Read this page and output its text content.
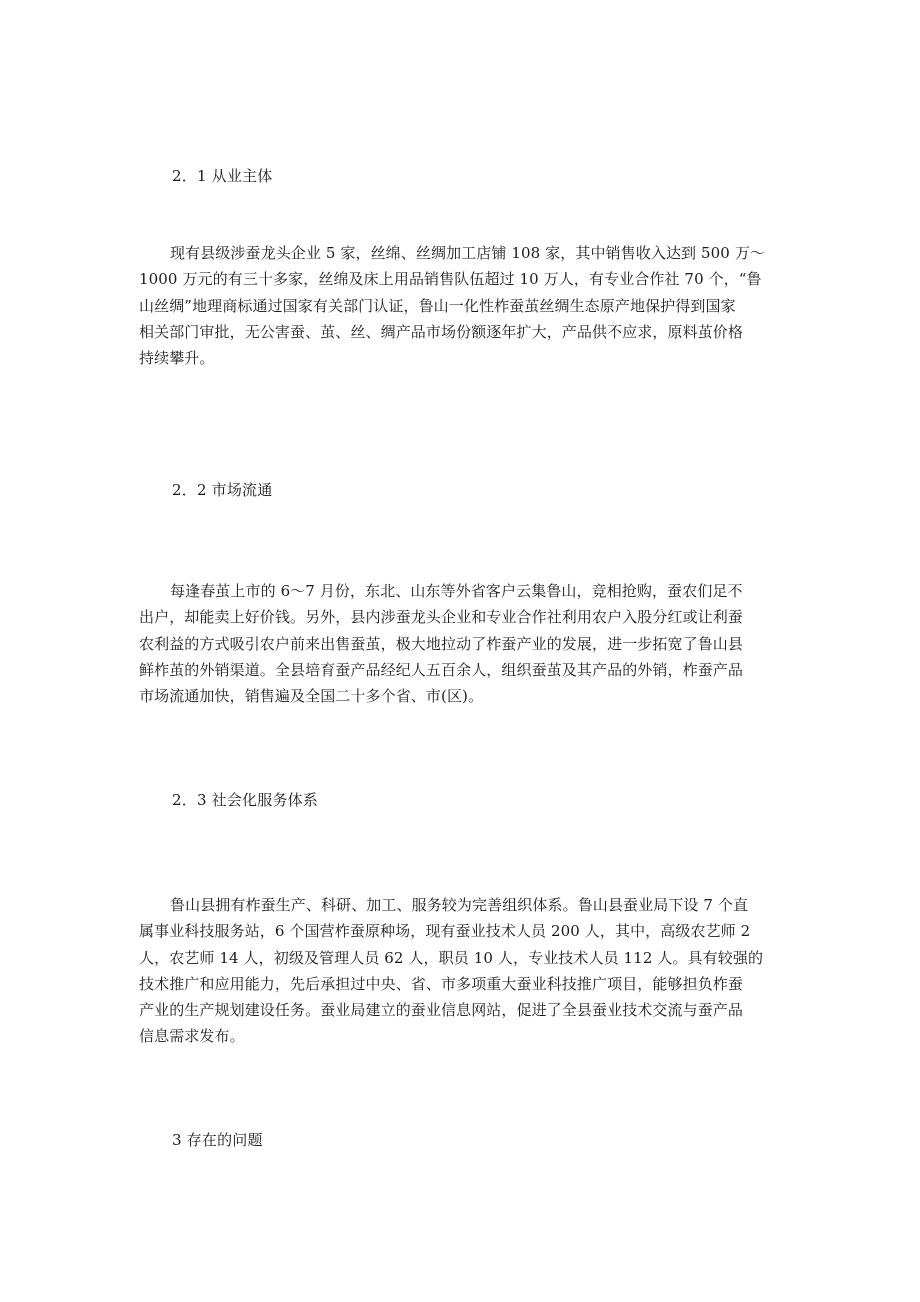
2．1 从业主体
现有县级涉蚕龙头企业 5 家，丝绵、丝绸加工店铺 108 家，其中销售收入达到 500 万～
1000 万元的有三十多家，丝绵及床上用品销售队伍超过 10 万人，有专业合作社 70 个，“鲁
山丝绸”地理商标通过国家有关部门认证，鲁山一化性柞蚕茧丝绸生态原产地保护得到国家
相关部门审批，无公害蚕、茧、丝、绸产品市场份额逐年扩大，产品供不应求，原料茧价格
持续攀升。
2．2 市场流通
每逢春茧上市的 6～7 月份，东北、山东等外省客户云集鲁山，竞相抢购，蚕农们足不
出户，却能卖上好价钱。另外，县内涉蚕龙头企业和专业合作社利用农户入股分红或让利蚕
农利益的方式吸引农户前来出售蚕茧，极大地拉动了柞蚕产业的发展，进一步拓宽了鲁山县
鲜柞茧的外销渠道。全县培育蚕产品经纪人五百余人，组织蚕茧及其产品的外销，柞蚕产品
市场流通加快，销售遍及全国二十多个省、市(区)。
2．3 社会化服务体系
鲁山县拥有柞蚕生产、科研、加工、服务较为完善组织体系。鲁山县蚕业局下设 7 个直
属事业科技服务站，6 个国营柞蚕原种场，现有蚕业技术人员 200 人，其中，高级农艺师 2
人，农艺师 14 人，初级及管理人员 62 人，职员 10 人，专业技术人员 112 人。具有较强的
技术推广和应用能力，先后承担过中央、省、市多项重大蚕业科技推广项目，能够担负柞蚕
产业的生产规划建设任务。蚕业局建立的蚕业信息网站，促进了全县蚕业技术交流与蚕产品
信息需求发布。
3 存在的问题
